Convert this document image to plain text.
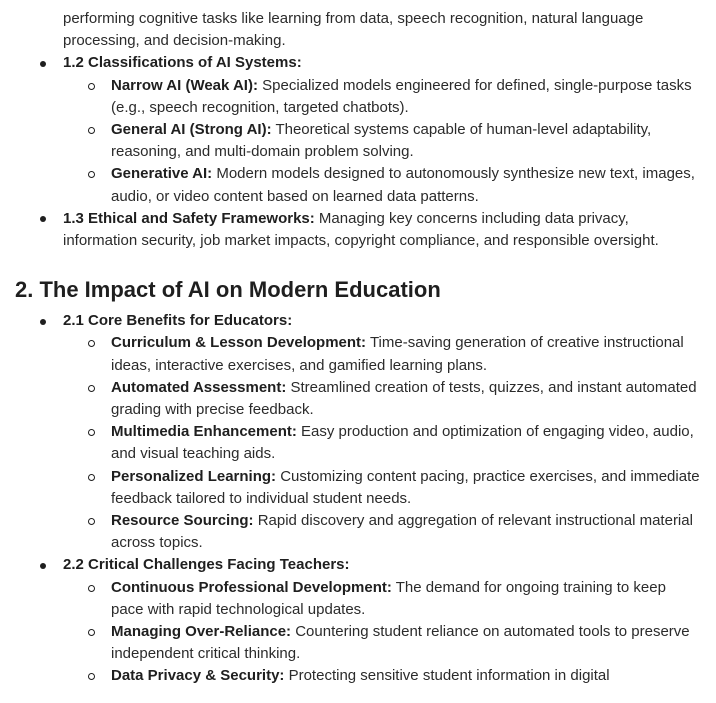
performing cognitive tasks like learning from data, speech recognition, natural language processing, and decision-making.
1.2 Classifications of AI Systems:
Narrow AI (Weak AI): Specialized models engineered for defined, single-purpose tasks (e.g., speech recognition, targeted chatbots).
General AI (Strong AI): Theoretical systems capable of human-level adaptability, reasoning, and multi-domain problem solving.
Generative AI: Modern models designed to autonomously synthesize new text, images, audio, or video content based on learned data patterns.
1.3 Ethical and Safety Frameworks: Managing key concerns including data privacy, information security, job market impacts, copyright compliance, and responsible oversight.
2. The Impact of AI on Modern Education
2.1 Core Benefits for Educators:
Curriculum & Lesson Development: Time-saving generation of creative instructional ideas, interactive exercises, and gamified learning plans.
Automated Assessment: Streamlined creation of tests, quizzes, and instant automated grading with precise feedback.
Multimedia Enhancement: Easy production and optimization of engaging video, audio, and visual teaching aids.
Personalized Learning: Customizing content pacing, practice exercises, and immediate feedback tailored to individual student needs.
Resource Sourcing: Rapid discovery and aggregation of relevant instructional material across topics.
2.2 Critical Challenges Facing Teachers:
Continuous Professional Development: The demand for ongoing training to keep pace with rapid technological updates.
Managing Over-Reliance: Countering student reliance on automated tools to preserve independent critical thinking.
Data Privacy & Security: Protecting sensitive student information in digital
